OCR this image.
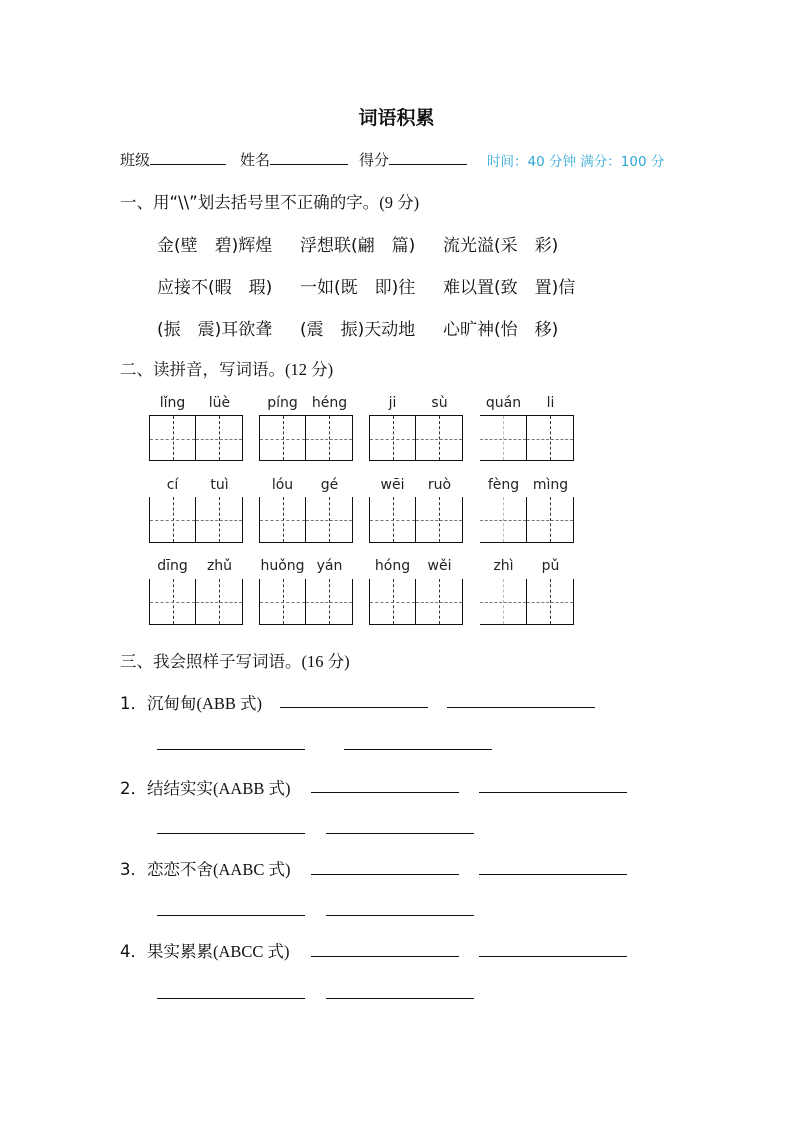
词语积累
班级	姓名	得分	时间：40 分钟 满分：100 分
一、用“\\”划去括号里不正确的字。(9 分)
金(壁　碧)辉煌 浮想联(翩　篇) 流光溢(采　彩)
应接不(暇　瑕) 一如(既　即)往 难以置(致　置)信
(振　震)耳欲聋 (震　振)天动地 心旷神(怡　移)
二、读拼音，写词语。(12 分)
lǐng	lüè	píng	héng	ji	sù	quán	li
cí	tuì	lóu	gé	wēi	ruò	fèng mìng
dīng	zhǔ	huǒng yán	hóng	wěi	zhì	pǔ
三、我会照样子写词语。(16 分)
1．沉甸甸(ABB 式)
2．结结实实(AABB 式)
3．恋恋不舍(AABC 式)
4．果实累累(ABCC 式)
